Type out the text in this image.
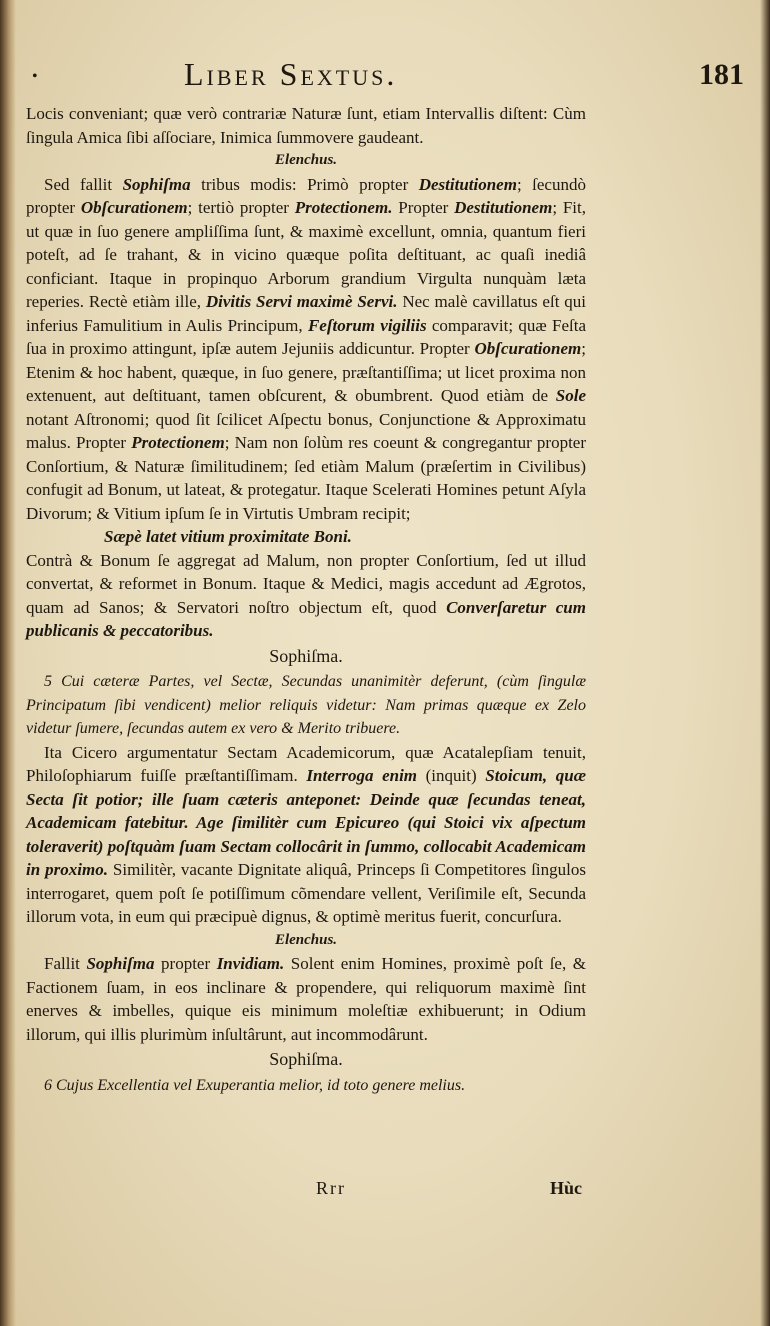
•	Liber Sextus.	181

Locis conveniant; quæ verò contrariæ Naturæ ſunt, etiam Intervallis diſtent: Cùm ſingula Amica ſibi aſſociare, Inimica ſummovere gaudeant.

Elenchus.

Sed fallit Sophiſma tribus modis: Primò propter Destitutionem; ſecundò propter Obſcurationem; tertiò propter Protectionem. Propter Destitutionem; Fit, ut quæ in ſuo genere ampliſſima ſunt, & maximè excellunt, omnia, quantum fieri poteſt, ad ſe trahant, & in vicino quæque poſita deſtituant, ac quaſi inediâ conficiant. Itaque in propinquo Arborum grandium Virgulta nunquàm læta reperies. Rectè etiàm ille, Divitis Servi maximè Servi. Nec malè cavillatus eſt qui inferius Famulitium in Aulis Principum, Feſtorum vigiliis comparavit; quæ Feſta ſua in proximo attingunt, ipſæ autem Jejuniis addicuntur. Propter Obſcurationem; Etenim & hoc habent, quæque, in ſuo genere, præſtantiſſima; ut licet proxima non extenuent, aut deſtituant, tamen obſcurent, & obumbrent. Quod etiàm de Sole notant Aſtronomi; quod ſit ſcilicet Aſpectu bonus, Conjunctione & Approximatu malus. Propter Protectionem; Nam non ſolùm res coeunt & congregantur propter Conſortium, & Naturæ ſimilitudinem; ſed etiàm Malum (præſertim in Civilibus) confugit ad Bonum, ut lateat, & protegatur. Itaque Scelerati Homines petunt Aſyla Divorum; & Vitium ipſum ſe in Virtutis Umbram recipit;

Sæpè latet vitium proximitate Boni.

Contrà & Bonum ſe aggregat ad Malum, non propter Conſortium, ſed ut illud convertat, & reformet in Bonum. Itaque & Medici, magis accedunt ad Ægrotos, quam ad Sanos; & Servatori noſtro objectum eſt, quod Converſaretur cum publicanis & peccatoribus.

Sophiſma.

5 Cui cæteræ Partes, vel Sectæ, Secundas unanimitèr deferunt, (cùm ſingulæ Principatum ſibi vendicent) melior reliquis videtur: Nam primas quæque ex Zelo videtur ſumere, ſecundas autem ex vero & Merito tribuere.

Ita Cicero argumentatur Sectam Academicorum, quæ Acatalepſiam tenuit, Philoſophiarum fuiſſe præſtantiſſimam. Interroga enim (inquit) Stoicum, quæ Secta ſit potior; ille ſuam cæteris anteponet: Deinde quæ ſecundas teneat, Academicam fatebitur. Age ſimilitèr cum Epicureo (qui Stoici vix aſpectum toleraverit) poſtquàm ſuam Sectam collocârit in ſummo, collocabit Academicam in proximo. Similitèr, vacante Dignitate aliquâ, Princeps ſi Competitores ſingulos interrogaret, quem poſt ſe potiſſimum cõmendare vellent, Veriſimile eſt, Secunda illorum vota, in eum qui præcipuè dignus, & optimè meritus fuerit, concurſura.

Elenchus.

Fallit Sophiſma propter Invidiam. Solent enim Homines, proximè poſt ſe, & Factionem ſuam, in eos inclinare & propendere, qui reliquorum maximè ſint enerves & imbelles, quique eis minimum moleſtiæ exhibuerunt; in Odium illorum, qui illis plurimùm inſultârunt, aut incommodârunt.

Sophiſma.

6 Cujus Excellentia vel Exuperantia melior, id toto genere melius.

Rrr	Hùc
